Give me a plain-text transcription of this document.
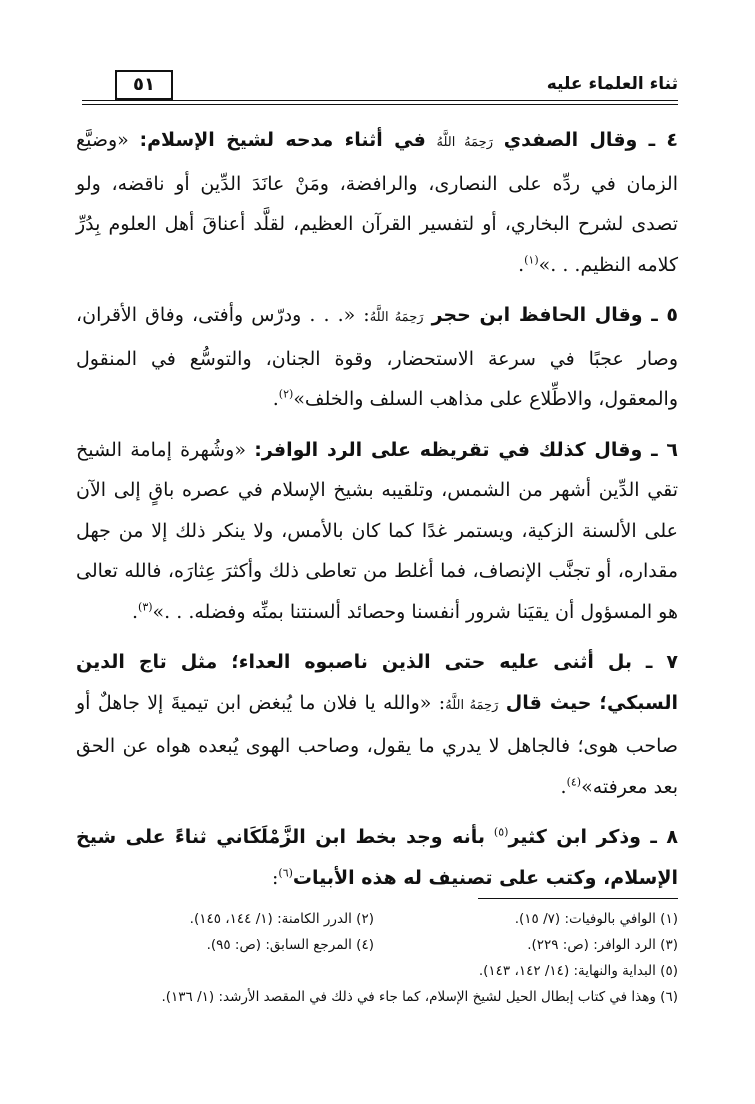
ثناء العلماء عليه
٥١

٤ ـ وقال الصفدي رَحِمَهُ اللَّهُ في أثناء مدحه لشيخ الإسلام: «وضيَّع الزمان في ردِّه على النصارى، والرافضة، ومَنْ عانَدَ الدِّين أو ناقضه، ولو تصدى لشرح البخاري، أو لتفسير القرآن العظيم، لقلَّد أعناقَ أهل العلوم بِدُرِّ كلامه النظيم. . .»$^{(١)}$.

٥ ـ وقال الحافظ ابن حجر رَحِمَهُ اللَّهُ: «. . . ودرّس وأفتى، وفاق الأقران، وصار عجبًا في سرعة الاستحضار، وقوة الجنان، والتوسُّع في المنقول والمعقول، والاطِّلاع على مذاهب السلف والخلف»$^{(٢)}$.

٦ ـ وقال كذلك في تقريظه على الرد الوافر: «وشُهرة إمامة الشيخ تقي الدِّين أشهر من الشمس، وتلقيبه بشيخ الإسلام في عصره باقٍ إلى الآن على الألسنة الزكية، ويستمر غدًا كما كان بالأمس، ولا ينكر ذلك إلا من جهل مقداره، أو تجنَّب الإنصاف، فما أغلط من تعاطى ذلك وأكثرَ عِثارَه، فالله تعالى هو المسؤول أن يقيَنا شرور أنفسنا وحصائد ألسنتنا بمنِّه وفضله. . .»$^{(٣)}$.

٧ ـ بل أثنى عليه حتى الذين ناصبوه العداء؛ مثل تاج الدين السبكي؛ حيث قال رَحِمَهُ اللَّهُ: «والله يا فلان ما يُبغض ابن تيميةَ إلا جاهلٌ أو صاحب هوى؛ فالجاهل لا يدري ما يقول، وصاحب الهوى يُبعده هواه عن الحق بعد معرفته»$^{(٤)}$.

٨ ـ وذكر ابن كثير$^{(٥)}$ بأنه وجد بخط ابن الزَّمْلَكَاني ثناءً على شيخ الإسلام، وكتب على تصنيف له هذه الأبيات$^{(٦)}$:

(١) الوافي بالوفيات: (٧/ ١٥).
(٢) الدرر الكامنة: (١/ ١٤٤، ١٤٥).
(٣) الرد الوافر: (ص: ٢٢٩).
(٤) المرجع السابق: (ص: ٩٥).
(٥) البداية والنهاية: (١٤/ ١٤٢، ١٤٣).
(٦) وهذا في كتاب إبطال الحيل لشيخ الإسلام، كما جاء في ذلك في المقصد الأرشد: (١/ ١٣٦).
